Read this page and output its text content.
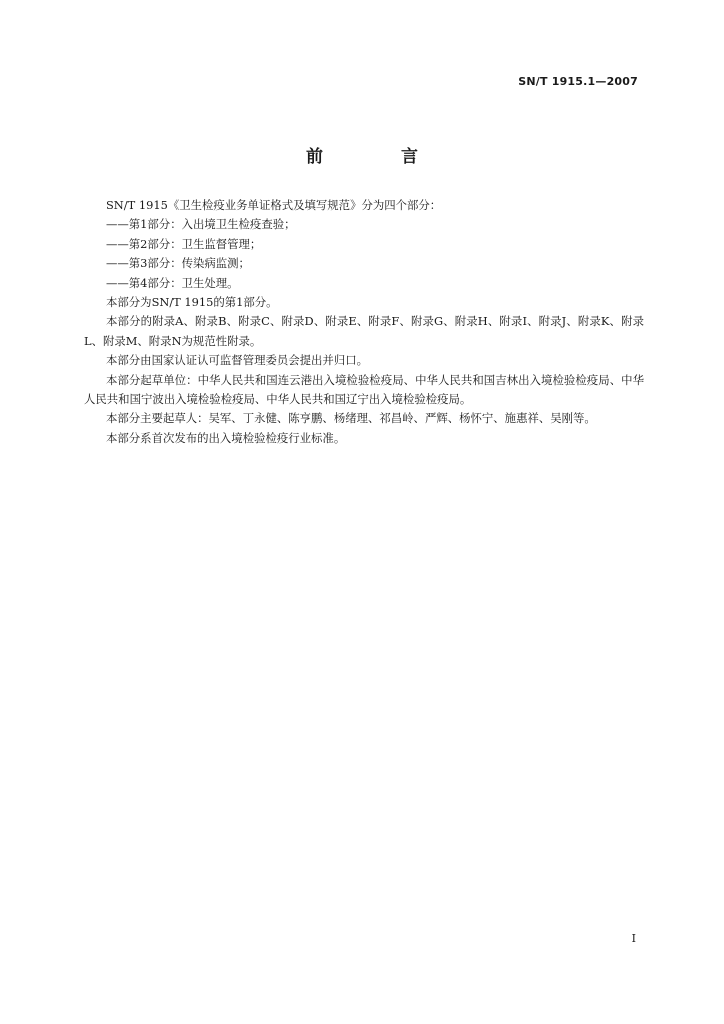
SN/T 1915.1—2007
前 言

SN/T 1915《卫生检疫业务单证格式及填写规范》分为四个部分：

——第1部分：入出境卫生检疫查验；

——第2部分：卫生监督管理；

——第3部分：传染病监测；

——第4部分：卫生处理。

本部分为SN/T 1915的第1部分。

本部分的附录A、附录B、附录C、附录D、附录E、附录F、附录G、附录H、附录I、附录J、附录K、附录L、附录M、附录N为规范性附录。

本部分由国家认证认可监督管理委员会提出并归口。

本部分起草单位：中华人民共和国连云港出入境检验检疫局、中华人民共和国吉林出入境检验检疫局、中华人民共和国宁波出入境检验检疫局、中华人民共和国辽宁出入境检验检疫局。

本部分主要起草人：吴军、丁永健、陈亨鹏、杨绪理、祁昌岭、严辉、杨怀宁、施惠祥、吴刚等。

本部分系首次发布的出入境检验检疫行业标准。

I
